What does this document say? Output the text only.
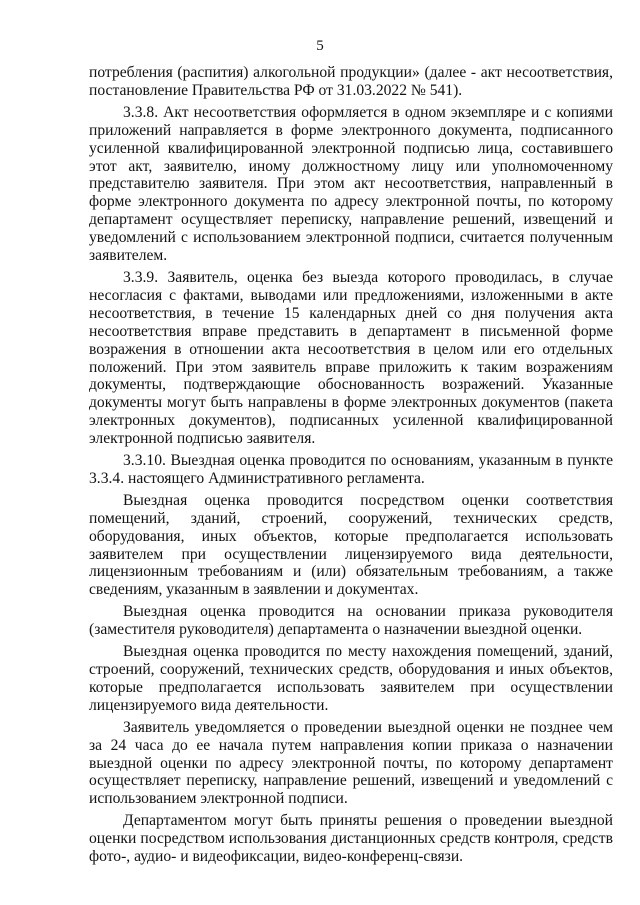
5

потребления (распития) алкогольной продукции» (далее - акт несоответствия, постановление Правительства РФ от 31.03.2022 № 541).

3.3.8. Акт несоответствия оформляется в одном экземпляре и с копиями приложений направляется в форме электронного документа, подписанного усиленной квалифицированной электронной подписью лица, составившего этот акт, заявителю, иному должностному лицу или уполномоченному представителю заявителя. При этом акт несоответствия, направленный в форме электронного документа по адресу электронной почты, по которому департамент осуществляет переписку, направление решений, извещений и уведомлений с использованием электронной подписи, считается полученным заявителем.

3.3.9. Заявитель, оценка без выезда которого проводилась, в случае несогласия с фактами, выводами или предложениями, изложенными в акте несоответствия, в течение 15 календарных дней со дня получения акта несоответствия вправе представить в департамент в письменной форме возражения в отношении акта несоответствия в целом или его отдельных положений. При этом заявитель вправе приложить к таким возражениям документы, подтверждающие обоснованность возражений. Указанные документы могут быть направлены в форме электронных документов (пакета электронных документов), подписанных усиленной квалифицированной электронной подписью заявителя.

3.3.10. Выездная оценка проводится по основаниям, указанным в пункте 3.3.4. настоящего Административного регламента.

Выездная оценка проводится посредством оценки соответствия помещений, зданий, строений, сооружений, технических средств, оборудования, иных объектов, которые предполагается использовать заявителем при осуществлении лицензируемого вида деятельности, лицензионным требованиям и (или) обязательным требованиям, а также сведениям, указанным в заявлении и документах.

Выездная оценка проводится на основании приказа руководителя (заместителя руководителя) департамента о назначении выездной оценки.

Выездная оценка проводится по месту нахождения помещений, зданий, строений, сооружений, технических средств, оборудования и иных объектов, которые предполагается использовать заявителем при осуществлении лицензируемого вида деятельности.

Заявитель уведомляется о проведении выездной оценки не позднее чем за 24 часа до ее начала путем направления копии приказа о назначении выездной оценки по адресу электронной почты, по которому департамент осуществляет переписку, направление решений, извещений и уведомлений с использованием электронной подписи.

Департаментом могут быть приняты решения о проведении выездной оценки посредством использования дистанционных средств контроля, средств фото-, аудио- и видеофиксации, видео-конференц-связи.
